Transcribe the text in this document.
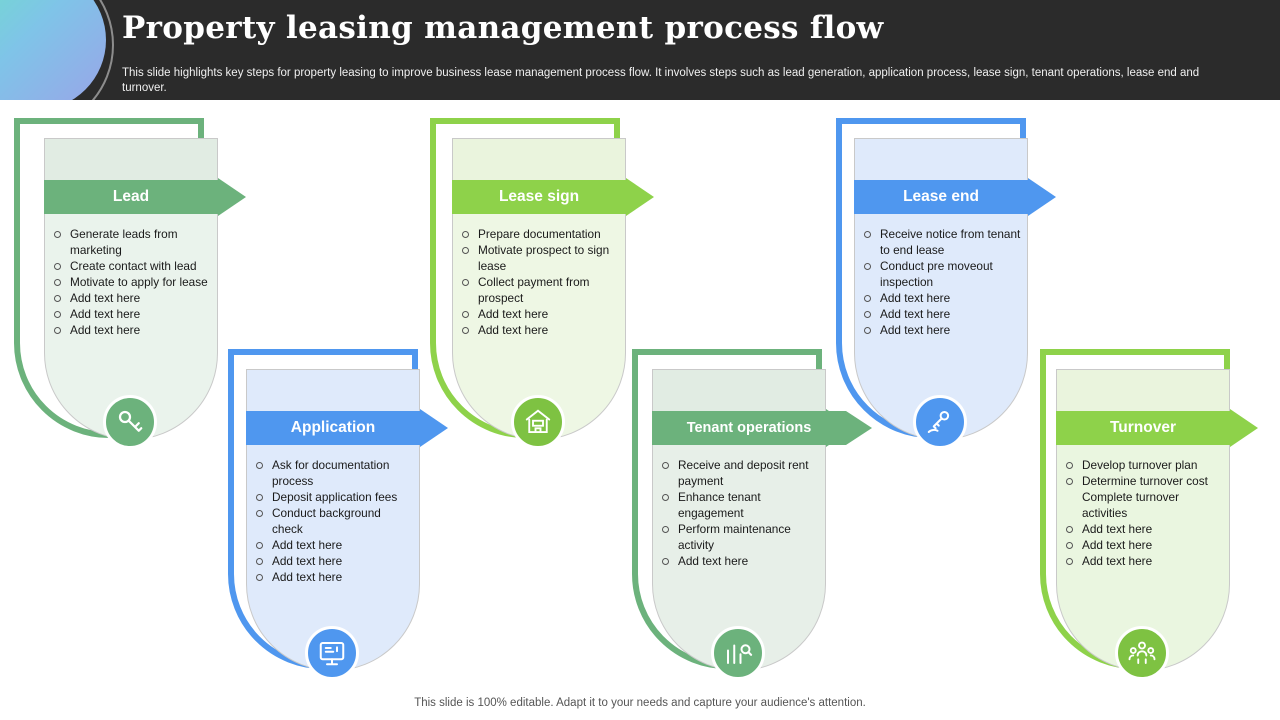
Property leasing management process flow
This slide highlights key steps for property leasing to improve business lease management process flow. It involves steps such as lead generation, application process, lease sign, tenant operations, lease end and turnover.
Lead
Generate leads from marketing
Create contact with lead
Motivate to apply for lease
Add text here
Add text here
Add text here
Application
Ask for documentation process
Deposit application fees
Conduct background check
Add text here
Add text here
Add text here
Lease sign
Prepare documentation
Motivate prospect to sign lease
Collect payment from prospect
Add text here
Add text here
Tenant operations
Receive and deposit rent payment
Enhance tenant engagement
Perform maintenance activity
Add text here
Lease end
Receive notice from tenant to end lease
Conduct pre moveout inspection
Add text here
Add text here
Add text here
Turnover
Develop turnover plan
Determine turnover cost Complete turnover activities
Add text here
Add text here
Add text here
This slide is 100% editable. Adapt it to your needs and capture your audience's attention.
